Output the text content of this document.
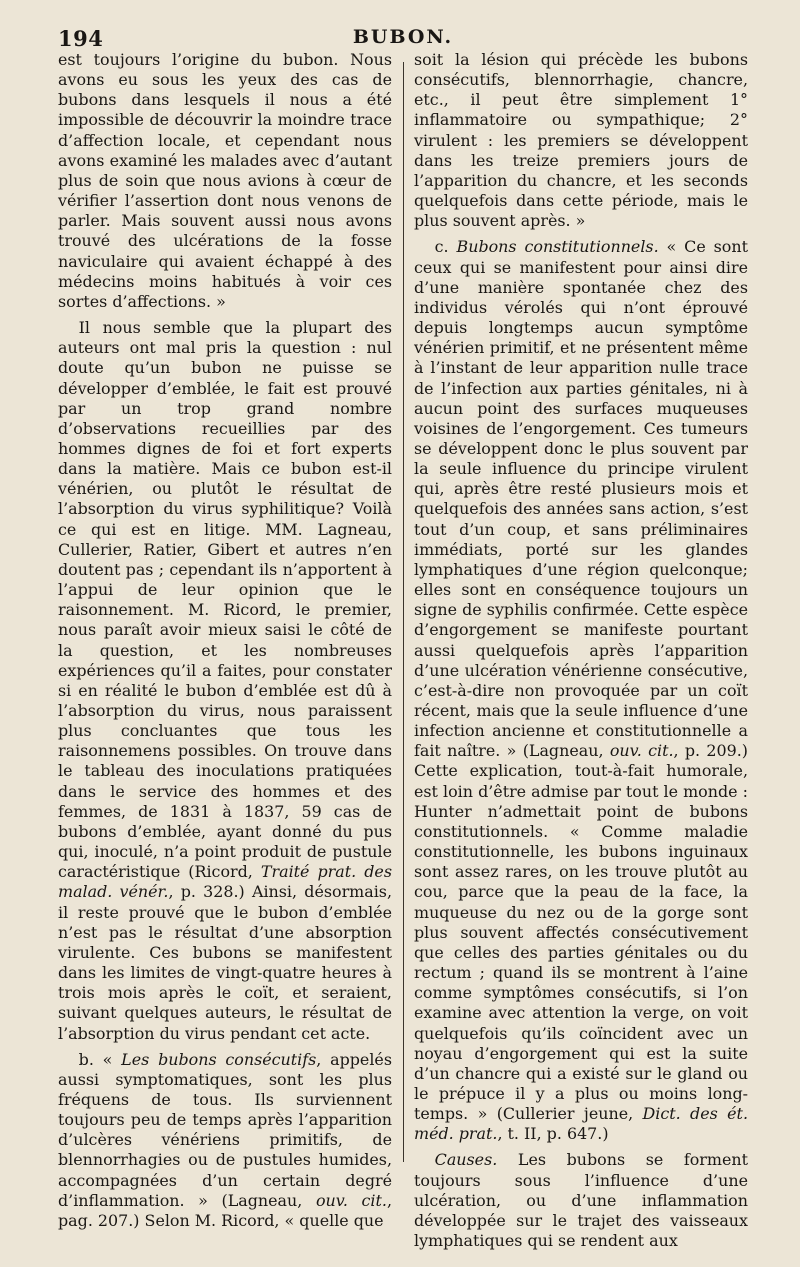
194	BUBON.

est toujours l’origine du bubon. Nous avons eu sous les yeux des cas de bubons dans lesquels il nous a été impossible de découvrir la moindre trace d’affection locale, et cependant nous avons examiné les malades avec d’autant plus de soin que nous avions à cœur de vérifier l’assertion dont nous venons de parler. Mais souvent aussi nous avons trouvé des ulcérations de la fosse naviculaire qui avaient échappé à des médecins moins habitués à voir ces sortes d’affections. »

Il nous semble que la plupart des auteurs ont mal pris la question : nul doute qu’un bubon ne puisse se développer d’emblée, le fait est prouvé par un trop grand nombre d’observations recueillies par des hommes dignes de foi et fort experts dans la matière. Mais ce bubon est-il vénérien, ou plutôt le résultat de l’absorption du virus syphilitique? Voilà ce qui est en litige. MM. Lagneau, Cullerier, Ratier, Gibert et autres n’en doutent pas ; cependant ils n’apportent à l’appui de leur opinion que le raisonnement. M. Ricord, le premier, nous paraît avoir mieux saisi le côté de la question, et les nombreuses expériences qu’il a faites, pour constater si en réalité le bubon d’emblée est dû à l’absorption du virus, nous paraissent plus concluantes que tous les raisonnemens possibles. On trouve dans le tableau des inoculations pratiquées dans le service des hommes et des femmes, de 1831 à 1837, 59 cas de bubons d’emblée, ayant donné du pus qui, inoculé, n’a point produit de pustule caractéristique (Ricord, Traité prat. des malad. vénér., p. 328.) Ainsi, désormais, il reste prouvé que le bubon d’emblée n’est pas le résultat d’une absorption virulente. Ces bubons se manifestent dans les limites de vingt-quatre heures à trois mois après le coït, et seraient, suivant quelques auteurs, le résultat de l’absorption du virus pendant cet acte.

b. « Les bubons consécutifs, appelés aussi symptomatiques, sont les plus fréquens de tous. Ils surviennent toujours peu de temps après l’apparition d’ulcères vénériens primitifs, de blennorrhagies ou de pustules humides, accompagnées d’un certain degré d’inflammation. » (Lagneau, ouv. cit., pag. 207.) Selon M. Ricord, « quelle que

soit la lésion qui précède les bubons consécutifs, blennorrhagie, chancre, etc., il peut être simplement 1° inflammatoire ou sympathique; 2° virulent : les premiers se développent dans les treize premiers jours de l’apparition du chancre, et les seconds quelquefois dans cette période, mais le plus souvent après. »

c. Bubons constitutionnels. « Ce sont ceux qui se manifestent pour ainsi dire d’une manière spontanée chez des individus vérolés qui n’ont éprouvé depuis longtemps aucun symptôme vénérien primitif, et ne présentent même à l’instant de leur apparition nulle trace de l’infection aux parties génitales, ni à aucun point des surfaces muqueuses voisines de l’engorgement. Ces tumeurs se développent donc le plus souvent par la seule influence du principe virulent qui, après être resté plusieurs mois et quelquefois des années sans action, s’est tout d’un coup, et sans préliminaires immédiats, porté sur les glandes lymphatiques d’une région quelconque; elles sont en conséquence toujours un signe de syphilis confirmée. Cette espèce d’engorgement se manifeste pourtant aussi quelquefois après l’apparition d’une ulcération vénérienne consécutive, c’est-à-dire non provoquée par un coït récent, mais que la seule influence d’une infection ancienne et constitutionnelle a fait naître. » (Lagneau, ouv. cit., p. 209.) Cette explication, tout-à-fait humorale, est loin d’être admise par tout le monde : Hunter n’admettait point de bubons constitutionnels. « Comme maladie constitutionnelle, les bubons inguinaux sont assez rares, on les trouve plutôt au cou, parce que la peau de la face, la muqueuse du nez ou de la gorge sont plus souvent affectés consécutivement que celles des parties génitales ou du rectum ; quand ils se montrent à l’aine comme symptômes consécutifs, si l’on examine avec attention la verge, on voit quelquefois qu’ils coïncident avec un noyau d’engorgement qui est la suite d’un chancre qui a existé sur le gland ou le prépuce il y a plus ou moins long-temps. » (Cullerier jeune, Dict. des ét. méd. prat., t. II, p. 647.)

Causes. Les bubons se forment toujours sous l’influence d’une ulcération, ou d’une inflammation développée sur le trajet des vaisseaux lymphatiques qui se rendent aux
